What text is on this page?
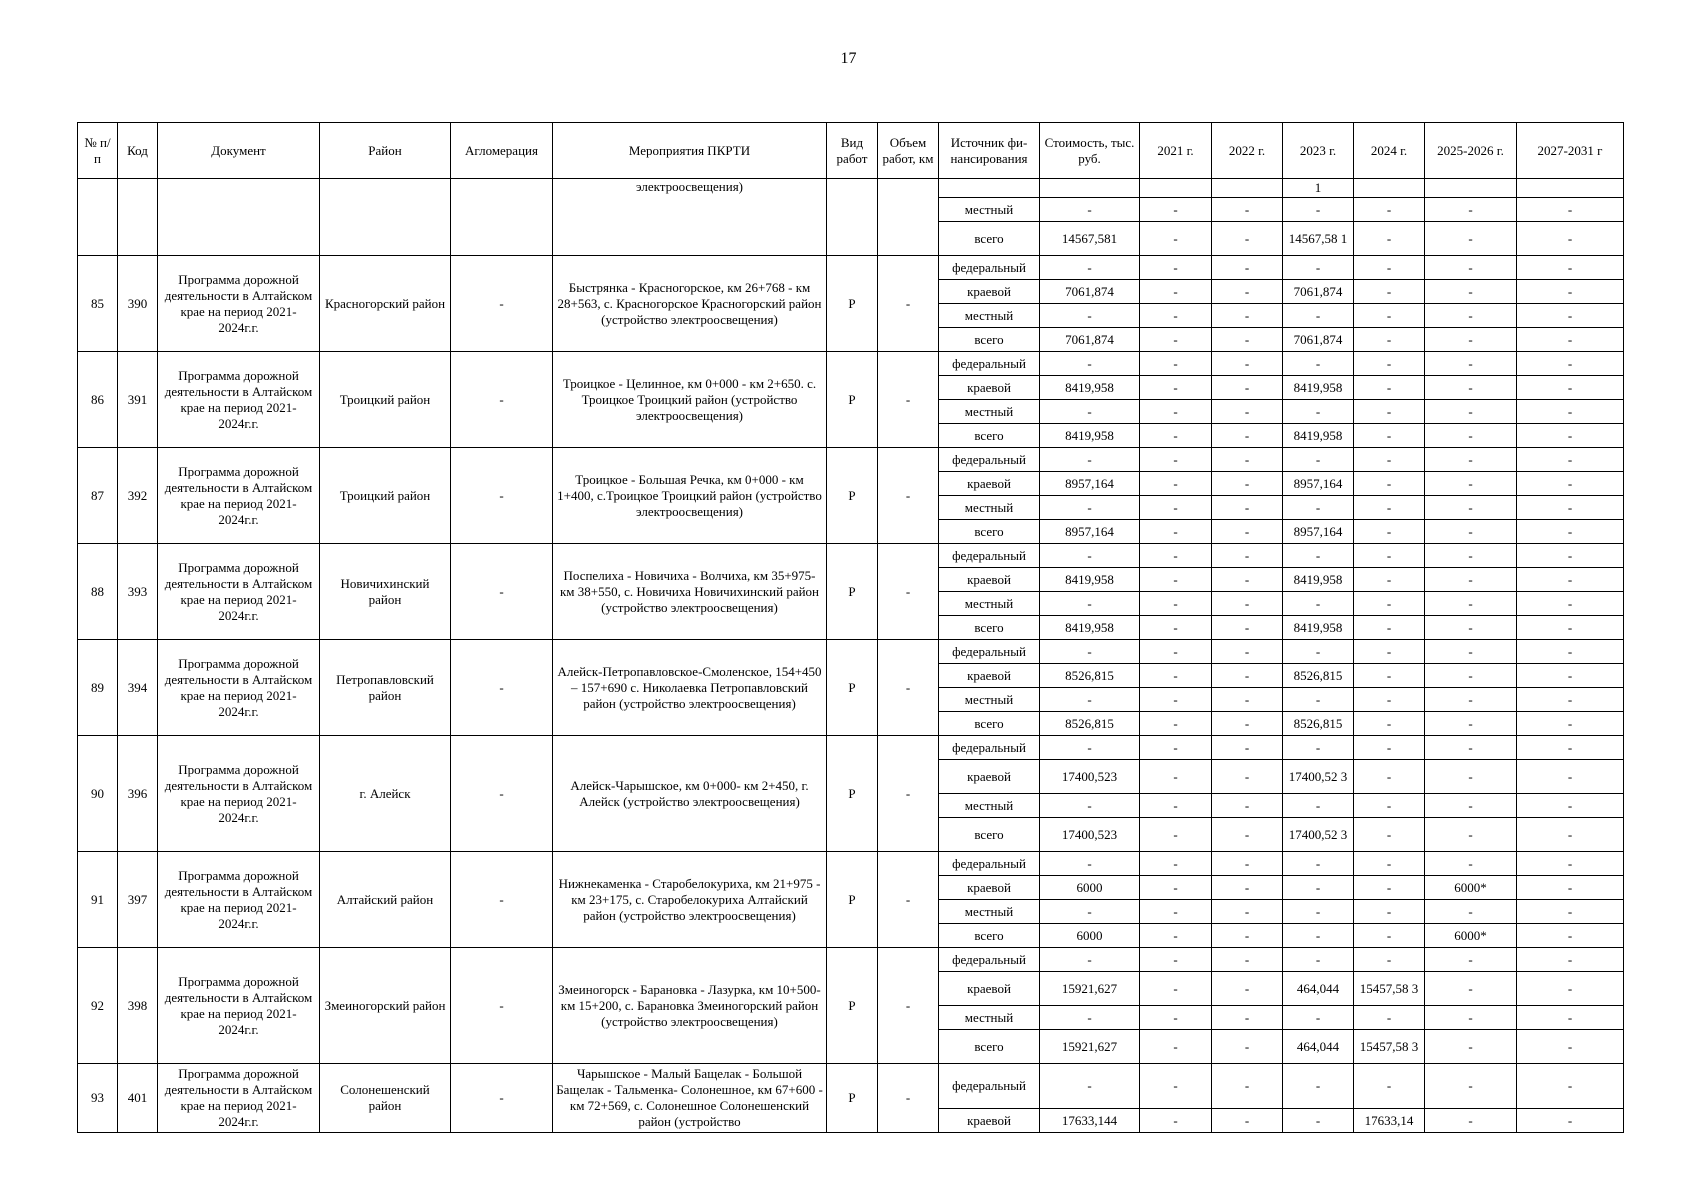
17
№ п/п	Код	Документ	Район	Агломерация	Мероприятия ПКРТИ	Вид работ	Объем работ, км	Источник фи-нансирования	Стоимость, тыс. руб.	2021 г.	2022 г.	2023 г.	2024 г.	2025-2026 г.	2027-2031 г
					электроосвещения)							1			
								местный	-	-	-	-	-	-	-
								всего	14567,581	-	-	14567,58 1	-	-	-
85	390	Программа дорожной деятельности в Алтайском крае на период 2021-2024г.г.	Красногорский район	-	Быстрянка - Красногорское, км 26+768 - км 28+563, с. Красногорское Красногорский район (устройство электроосвещения)	Р	-	федеральный	-	-	-	-	-	-	-
								краевой	7061,874	-	-	7061,874	-	-	-
								местный	-	-	-	-	-	-	-
								всего	7061,874	-	-	7061,874	-	-	-
86	391	Программа дорожной деятельности в Алтайском крае на период 2021-2024г.г.	Троицкий район	-	Троицкое - Целинное, км 0+000 - км 2+650. с. Троицкое Троицкий район (устройство электроосвещения)	Р	-	федеральный	-	-	-	-	-	-	-
								краевой	8419,958	-	-	8419,958	-	-	-
								местный	-	-	-	-	-	-	-
								всего	8419,958	-	-	8419,958	-	-	-
87	392	Программа дорожной деятельности в Алтайском крае на период 2021-2024г.г.	Троицкий район	-	Троицкое - Большая Речка, км 0+000 - км 1+400, с.Троицкое Троицкий район (устройство электроосвещения)	Р	-	федеральный	-	-	-	-	-	-	-
								краевой	8957,164	-	-	8957,164	-	-	-
								местный	-	-	-	-	-	-	-
								всего	8957,164	-	-	8957,164	-	-	-
88	393	Программа дорожной деятельности в Алтайском крае на период 2021-2024г.г.	Новичихинский район	-	Поспелиха - Новичиха - Волчиха, км 35+975- км 38+550, с. Новичиха Новичихинский район (устройство электроосвещения)	Р	-	федеральный	-	-	-	-	-	-	-
								краевой	8419,958	-	-	8419,958	-	-	-
								местный	-	-	-	-	-	-	-
								всего	8419,958	-	-	8419,958	-	-	-
89	394	Программа дорожной деятельности в Алтайском крае на период 2021-2024г.г.	Петропавловский район	-	Алейск-Петропавловское-Смоленское, 154+450 – 157+690 с. Николаевка Петропавловский район (устройство электроосвещения)	Р	-	федеральный	-	-	-	-	-	-	-
								краевой	8526,815	-	-	8526,815	-	-	-
								местный	-	-	-	-	-	-	-
								всего	8526,815	-	-	8526,815	-	-	-
90	396	Программа дорожной деятельности в Алтайском крае на период 2021-2024г.г.	г. Алейск	-	Алейск-Чарышское, км 0+000- км 2+450, г. Алейск (устройство электроосвещения)	Р	-	федеральный	-	-	-	-	-	-	-
								краевой	17400,523	-	-	17400,52 3	-	-	-
								местный	-	-	-	-	-	-	-
								всего	17400,523	-	-	17400,52 3	-	-	-
91	397	Программа дорожной деятельности в Алтайском крае на период 2021-2024г.г.	Алтайский район	-	Нижнекаменка - Старобелокуриха, км 21+975 - км 23+175, с. Старобелокуриха Алтайский район (устройство электроосвещения)	Р	-	федеральный	-	-	-	-	-	-	-
								краевой	6000	-	-	-	-	6000*	-
								местный	-	-	-	-	-	-	-
								всего	6000	-	-	-	-	6000*	-
92	398	Программа дорожной деятельности в Алтайском крае на период 2021-2024г.г.	Змеиногорский район	-	Змеиногорск - Барановка - Лазурка, км 10+500- км 15+200, с. Барановка Змеиногорский район (устройство электроосвещения)	Р	-	федеральный	-	-	-	-	-	-	-
								краевой	15921,627	-	-	464,044	15457,58 3	-	-
								местный	-	-	-	-	-	-	-
								всего	15921,627	-	-	464,044	15457,58 3	-	-
93	401	Программа дорожной деятельности в Алтайском крае на период 2021-2024г.г.	Солонешенский район	-	Чарышское - Малый Бащелак - Большой Бащелак - Тальменка- Солонешное, км 67+600 - км 72+569, с. Солонешное Солонешенский район (устройство	Р	-	федеральный	-	-	-	-	-	-	-
								краевой	17633,144	-	-	-	17633,14	-	-
